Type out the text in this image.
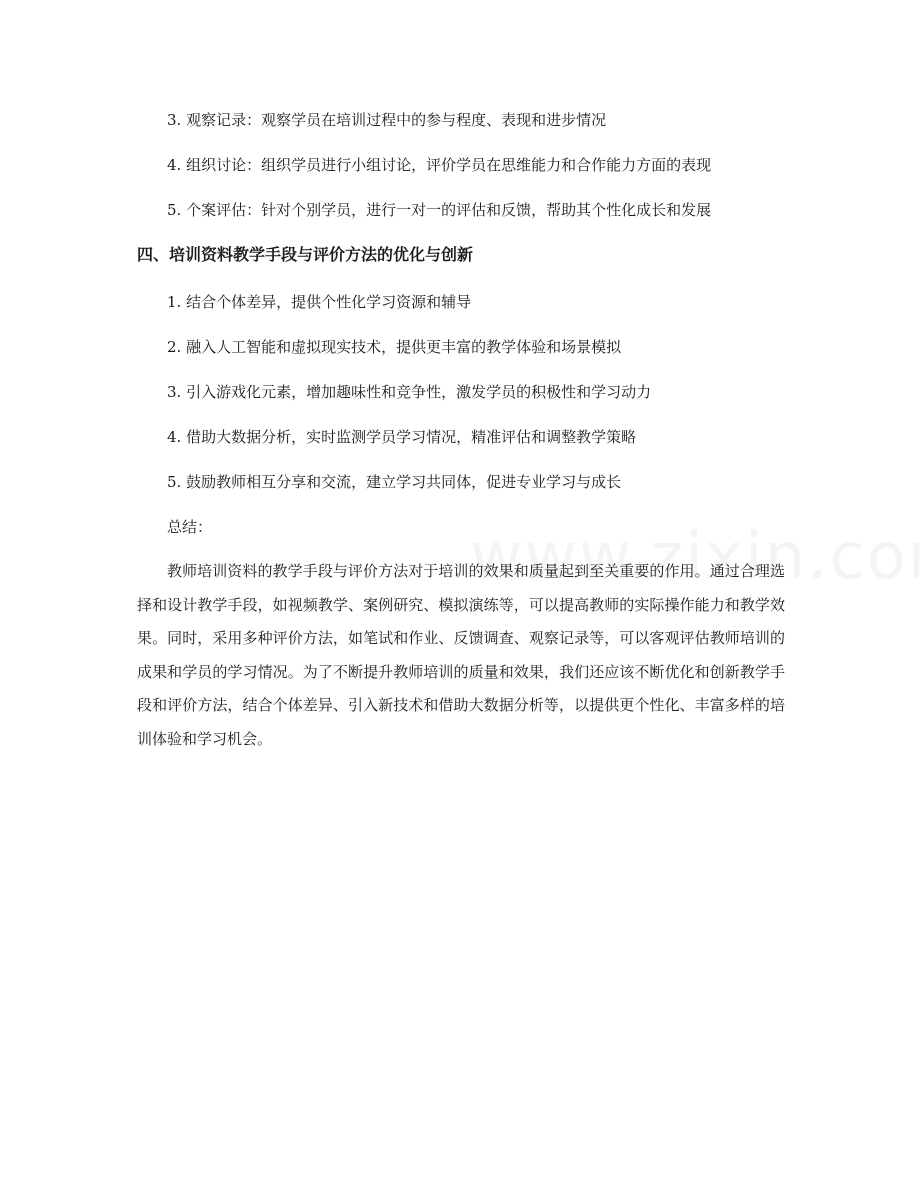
3. 观察记录：观察学员在培训过程中的参与程度、表现和进步情况

4. 组织讨论：组织学员进行小组讨论，评价学员在思维能力和合作能力方面的表现

5. 个案评估：针对个别学员，进行一对一的评估和反馈，帮助其个性化成长和发展

四、培训资料教学手段与评价方法的优化与创新

1. 结合个体差异，提供个性化学习资源和辅导

2. 融入人工智能和虚拟现实技术，提供更丰富的教学体验和场景模拟

3. 引入游戏化元素，增加趣味性和竞争性，激发学员的积极性和学习动力

4. 借助大数据分析，实时监测学员学习情况，精准评估和调整教学策略

5. 鼓励教师相互分享和交流，建立学习共同体，促进专业学习与成长

总结：

教师培训资料的教学手段与评价方法对于培训的效果和质量起到至关重要的作用。通过合理选择和设计教学手段，如视频教学、案例研究、模拟演练等，可以提高教师的实际操作能力和教学效果。同时，采用多种评价方法，如笔试和作业、反馈调查、观察记录等，可以客观评估教师培训的成果和学员的学习情况。为了不断提升教师培训的质量和效果，我们还应该不断优化和创新教学手段和评价方法，结合个体差异、引入新技术和借助大数据分析等，以提供更个性化、丰富多样的培训体验和学习机会。
